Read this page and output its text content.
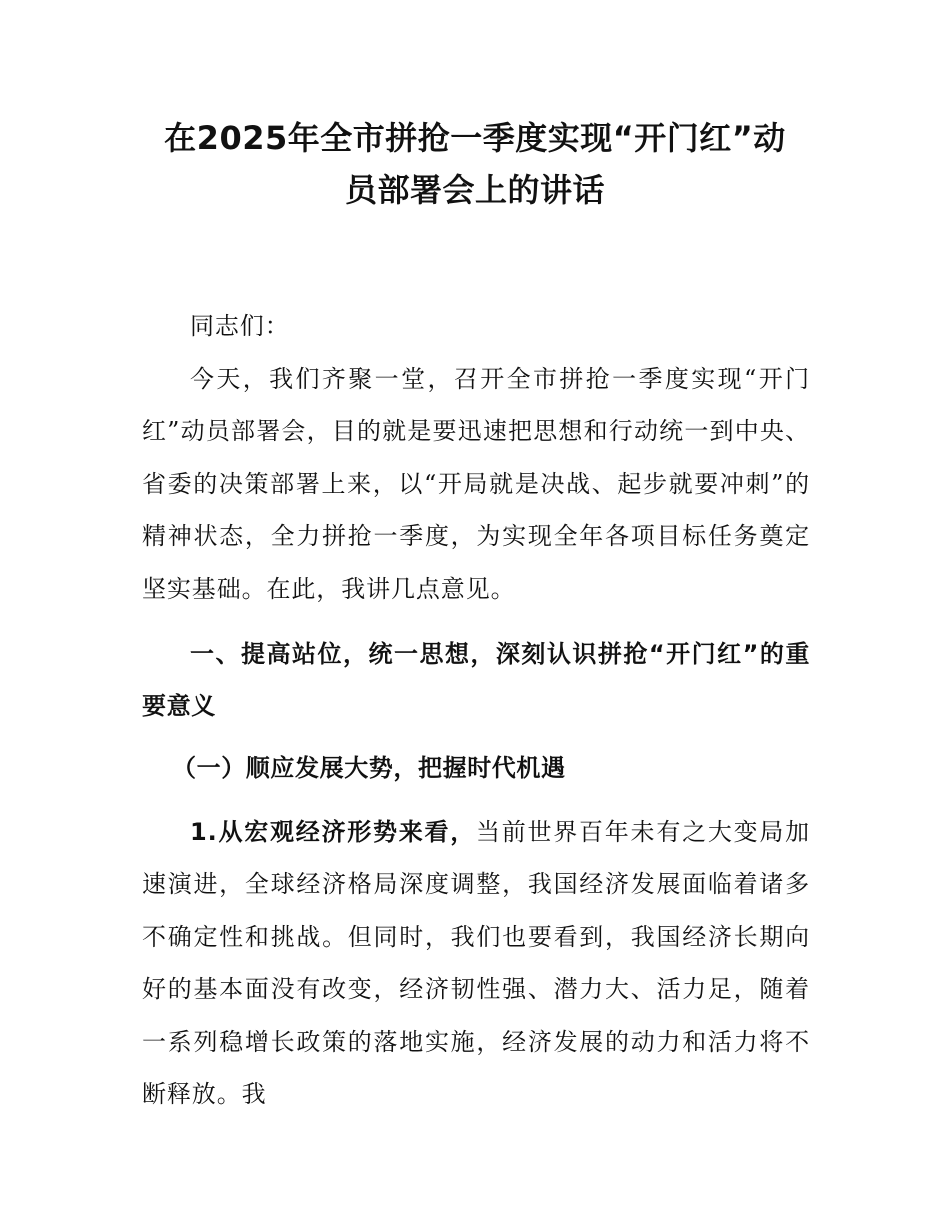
在2025年全市拼抢一季度实现“开门红”动
员部署会上的讲话

同志们：

今天，我们齐聚一堂，召开全市拼抢一季度实现“开门红”动员部署会，目的就是要迅速把思想和行动统一到中央、省委的决策部署上来，以“开局就是决战、起步就要冲刺”的精神状态，全力拼抢一季度，为实现全年各项目标任务奠定坚实基础。在此，我讲几点意见。

一、提高站位，统一思想，深刻认识拼抢“开门红”的重要意义

（一）顺应发展大势，把握时代机遇

1.从宏观经济形势来看，当前世界百年未有之大变局加速演进，全球经济格局深度调整，我国经济发展面临着诸多不确定性和挑战。但同时，我们也要看到，我国经济长期向好的基本面没有改变，经济韧性强、潜力大、活力足，随着一系列稳增长政策的落地实施，经济发展的动力和活力将不断释放。我
